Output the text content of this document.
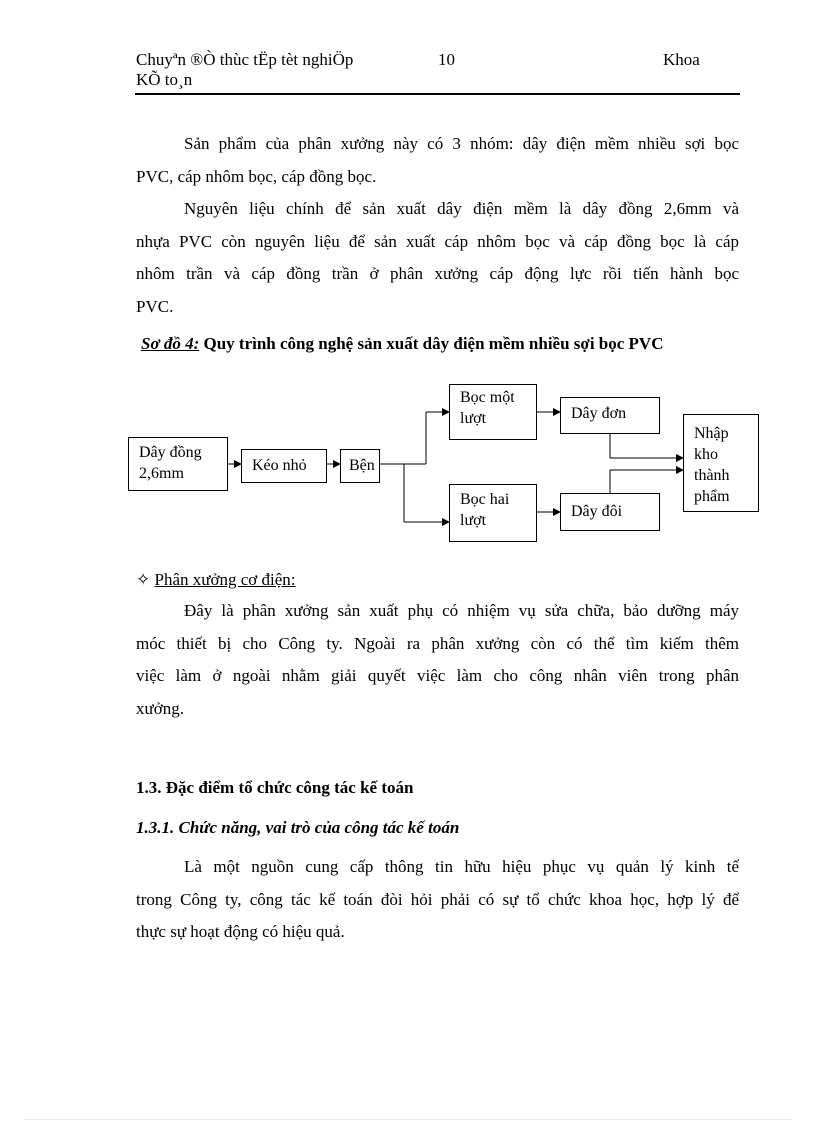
Chuyªn ®Ò thùc tËp tèt nghiÖp
KÕ to¸n
10	Khoa
Sản phẩm của phân xưởng này có 3 nhóm: dây điện mềm nhiều sợi bọc
PVC, cáp nhôm bọc, cáp đồng bọc.
Nguyên liệu chính để sản xuất dây điện mềm là dây đồng 2,6mm và
nhựa PVC còn nguyên liệu để sản xuất cáp nhôm bọc và cáp đồng bọc là cáp
nhôm trần và cáp đồng trần ở phân xưởng cáp động lực rồi tiến hành bọc
PVC.
Sơ đồ 4: Quy trình công nghệ sản xuất dây điện mềm nhiều sợi bọc PVC
Dây đồng 2,6mm	Kéo nhỏ	Bện
Bọc một lượt
Bọc hai lượt
Dây đơn
Dây đôi
Nhập kho thành phẩm
✧ Phân xưởng cơ điện:
Đây là phân xưởng sản xuất phụ có nhiệm vụ sửa chữa, bảo dưỡng máy
móc thiết bị cho Công ty. Ngoài ra phân xưởng còn có thể tìm kiếm thêm
việc làm ở ngoài nhằm giải quyết việc làm cho công nhân viên trong phân
xưởng.
1.3. Đặc điểm tổ chức công tác kế toán
1.3.1. Chức năng, vai trò của công tác kế toán
Là một nguồn cung cấp thông tin hữu hiệu phục vụ quản lý kinh tế
trong Công ty, công tác kế toán đòi hỏi phải có sự tổ chức khoa học, hợp lý để
thực sự hoạt động có hiệu quả.
